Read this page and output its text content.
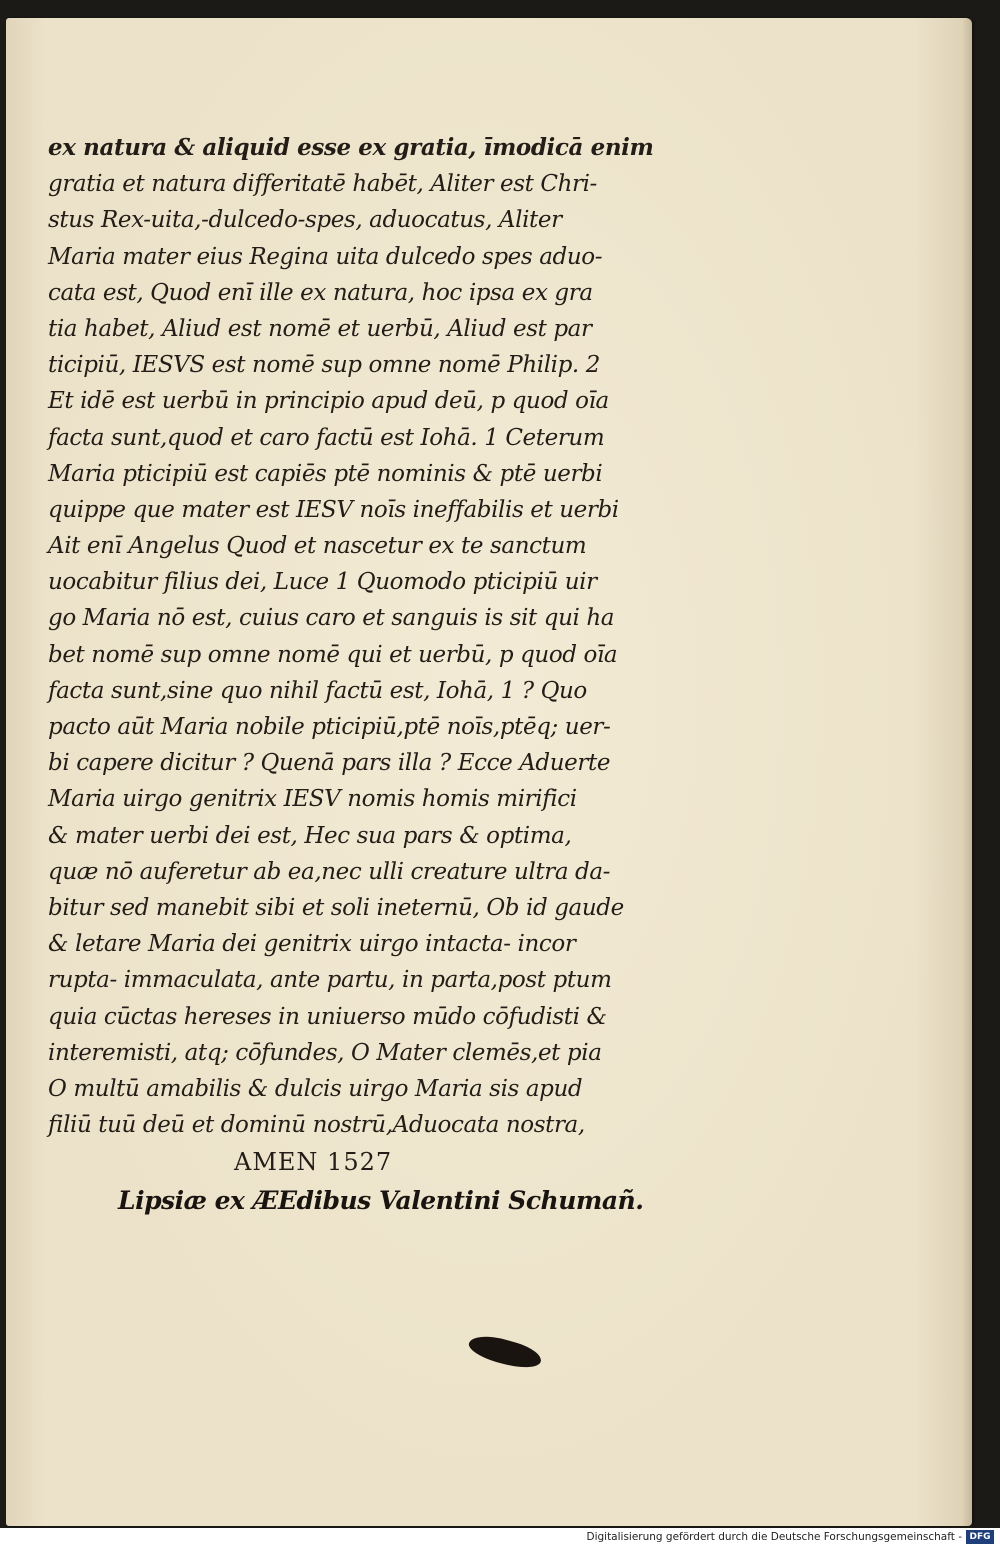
ex natura & aliquid esse ex gratia, īmodicā enim
gratia et natura differitatē habēt, Aliter est Chri-
stus Rex-uita,-dulcedo-spes, aduocatus, Aliter
Maria mater eius Regina uita dulcedo spes aduo-
cata est, Quod enī ille ex natura, hoc ipsa ex gra
tia habet, Aliud est nomē et uerbū, Aliud est par
ticipiū, IESVS est nomē sup omne nomē Philip. 2
Et idē est uerbū in principio apud deū, p quod oīa
facta sunt,quod et caro factū est Iohā. 1 Ceterum
Maria pticipiū est capiēs ptē nominis & ptē uerbi
quippe que mater est IESV noīs ineffabilis et uerbi
Ait enī Angelus Quod et nascetur ex te sanctum
uocabitur filius dei, Luce 1 Quomodo pticipiū uir
go Maria nō est, cuius caro et sanguis is sit qui ha
bet nomē sup omne nomē qui et uerbū, p quod oīa
facta sunt,sine quo nihil factū est, Iohā, 1 ? Quo
pacto aūt Maria nobile pticipiū,ptē noīs,ptēq; uer-
bi capere dicitur ? Quenā pars illa ? Ecce Aduerte
Maria uirgo genitrix IESV nomis homis mirifici
& mater uerbi dei est, Hec sua pars & optima,
quæ nō auferetur ab ea,nec ulli creature ultra da-
bitur sed manebit sibi et soli ineternū, Ob id gaude
& letare Maria dei genitrix uirgo intacta- incor
rupta- immaculata, ante partu, in parta,post ptum
quia cūctas hereses in uniuerso mūdo cōfudisti &
interemisti, atq; cōfundes, O Mater clemēs,et pia
O multū amabilis & dulcis uirgo Maria sis apud
filiū tuū deū et dominū nostrū,Aduocata nostra,
AMEN 1527
Lipsiæ ex ÆEdibus Valentini Schumañ.
Digitalisierung gefördert durch die Deutsche Forschungsgemeinschaft - DFG
